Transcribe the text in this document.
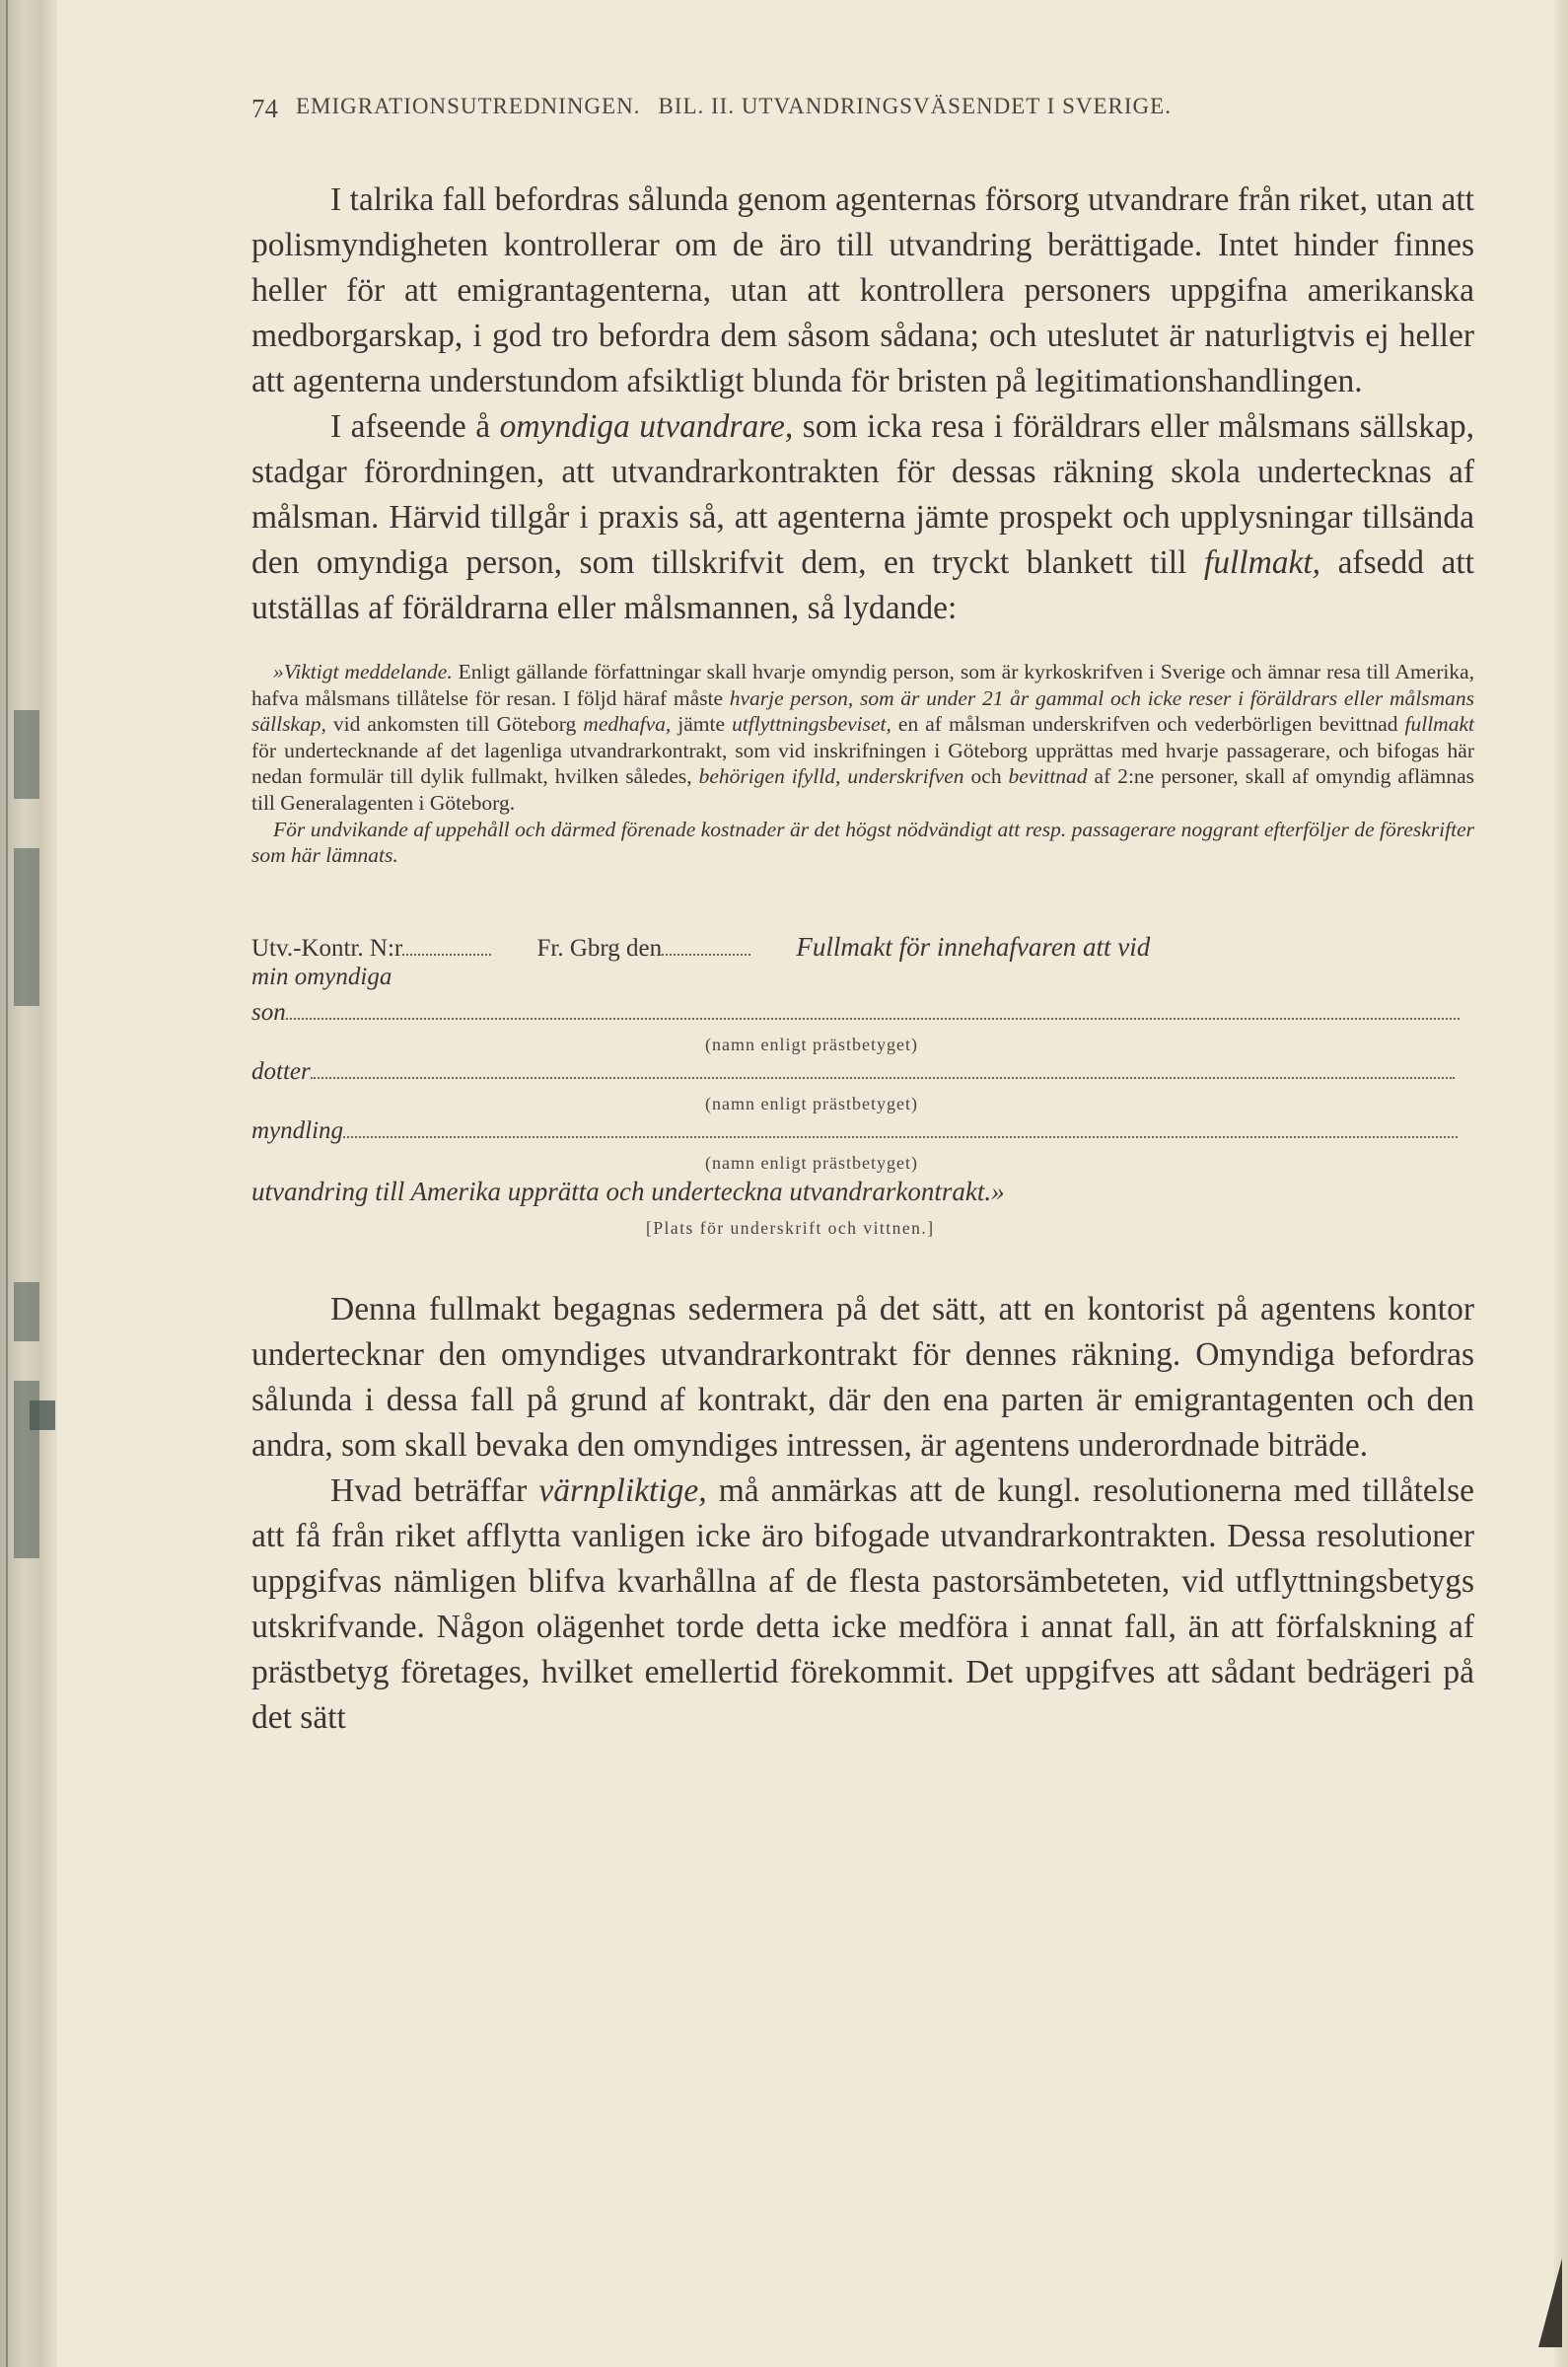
74 EMIGRATIONSUTREDNINGEN. BIL. II. UTVANDRINGSVÄSENDET I SVERIGE.

I talrika fall befordras sålunda genom agenternas försorg utvandrare från riket, utan att polismyndigheten kontrollerar om de äro till utvandring berättigade. Intet hinder finnes heller för att emigrantagenterna, utan att kontrollera personers uppgifna amerikanska medborgarskap, i god tro befordra dem såsom sådana; och uteslutet är naturligtvis ej heller att agenterna understundom afsiktligt blunda för bristen på legitimationshandlingen.

I afseende å omyndiga utvandrare, som icka resa i föräldrars eller målsmans sällskap, stadgar förordningen, att utvandrarkontrakten för dessas räkning skola undertecknas af målsman. Härvid tillgår i praxis så, att agenterna jämte prospekt och upplysningar tillsända den omyndiga person, som tillskrifvit dem, en tryckt blankett till fullmakt, afsedd att utställas af föräldrarna eller målsmannen, så lydande:

»Viktigt meddelande. Enligt gällande författningar skall hvarje omyndig person, som är kyrkoskrifven i Sverige och ämnar resa till Amerika, hafva målsmans tillåtelse för resan. I följd häraf måste hvarje person, som är under 21 år gammal och icke reser i föräldrars eller målsmans sällskap, vid ankomsten till Göteborg medhafva, jämte utflyttningsbeviset, en af målsman underskrifven och vederbörligen bevittnad fullmakt för undertecknande af det lagenliga utvandrarkontrakt, som vid inskrifningen i Göteborg upprättas med hvarje passagerare, och bifogas här nedan formulär till dylik fullmakt, hvilken således, behörigen ifylld, underskrifven och bevittnad af 2:ne personer, skall af omyndig aflämnas till Generalagenten i Göteborg.

För undvikande af uppehåll och därmed förenade kostnader är det högst nödvändigt att resp. passagerare noggrant efterföljer de föreskrifter som här lämnats.

Utv.-Kontr. N:r	Fr. Gbrg den	Fullmakt för innehafvaren att vid
min omyndiga
son
(namn enligt prästbetyget)
dotter
(namn enligt prästbetyget)
myndling
(namn enligt prästbetyget)
utvandring till Amerika upprätta och underteckna utvandrarkontrakt.»
[Plats för underskrift och vittnen.]

Denna fullmakt begagnas sedermera på det sätt, att en kontorist på agentens kontor undertecknar den omyndiges utvandrarkontrakt för dennes räkning. Omyndiga befordras sålunda i dessa fall på grund af kontrakt, där den ena parten är emigrantagenten och den andra, som skall bevaka den omyndiges intressen, är agentens underordnade biträde.

Hvad beträffar värnpliktige, må anmärkas att de kungl. resolutionerna med tillåtelse att få från riket afflytta vanligen icke äro bifogade utvandrarkontrakten. Dessa resolutioner uppgifvas nämligen blifva kvarhållna af de flesta pastorsämbeteten, vid utflyttningsbetygs utskrifvande. Någon olägenhet torde detta icke medföra i annat fall, än att förfalskning af prästbetyg företages, hvilket emellertid förekommit. Det uppgifves att sådant bedrägeri på det sätt
